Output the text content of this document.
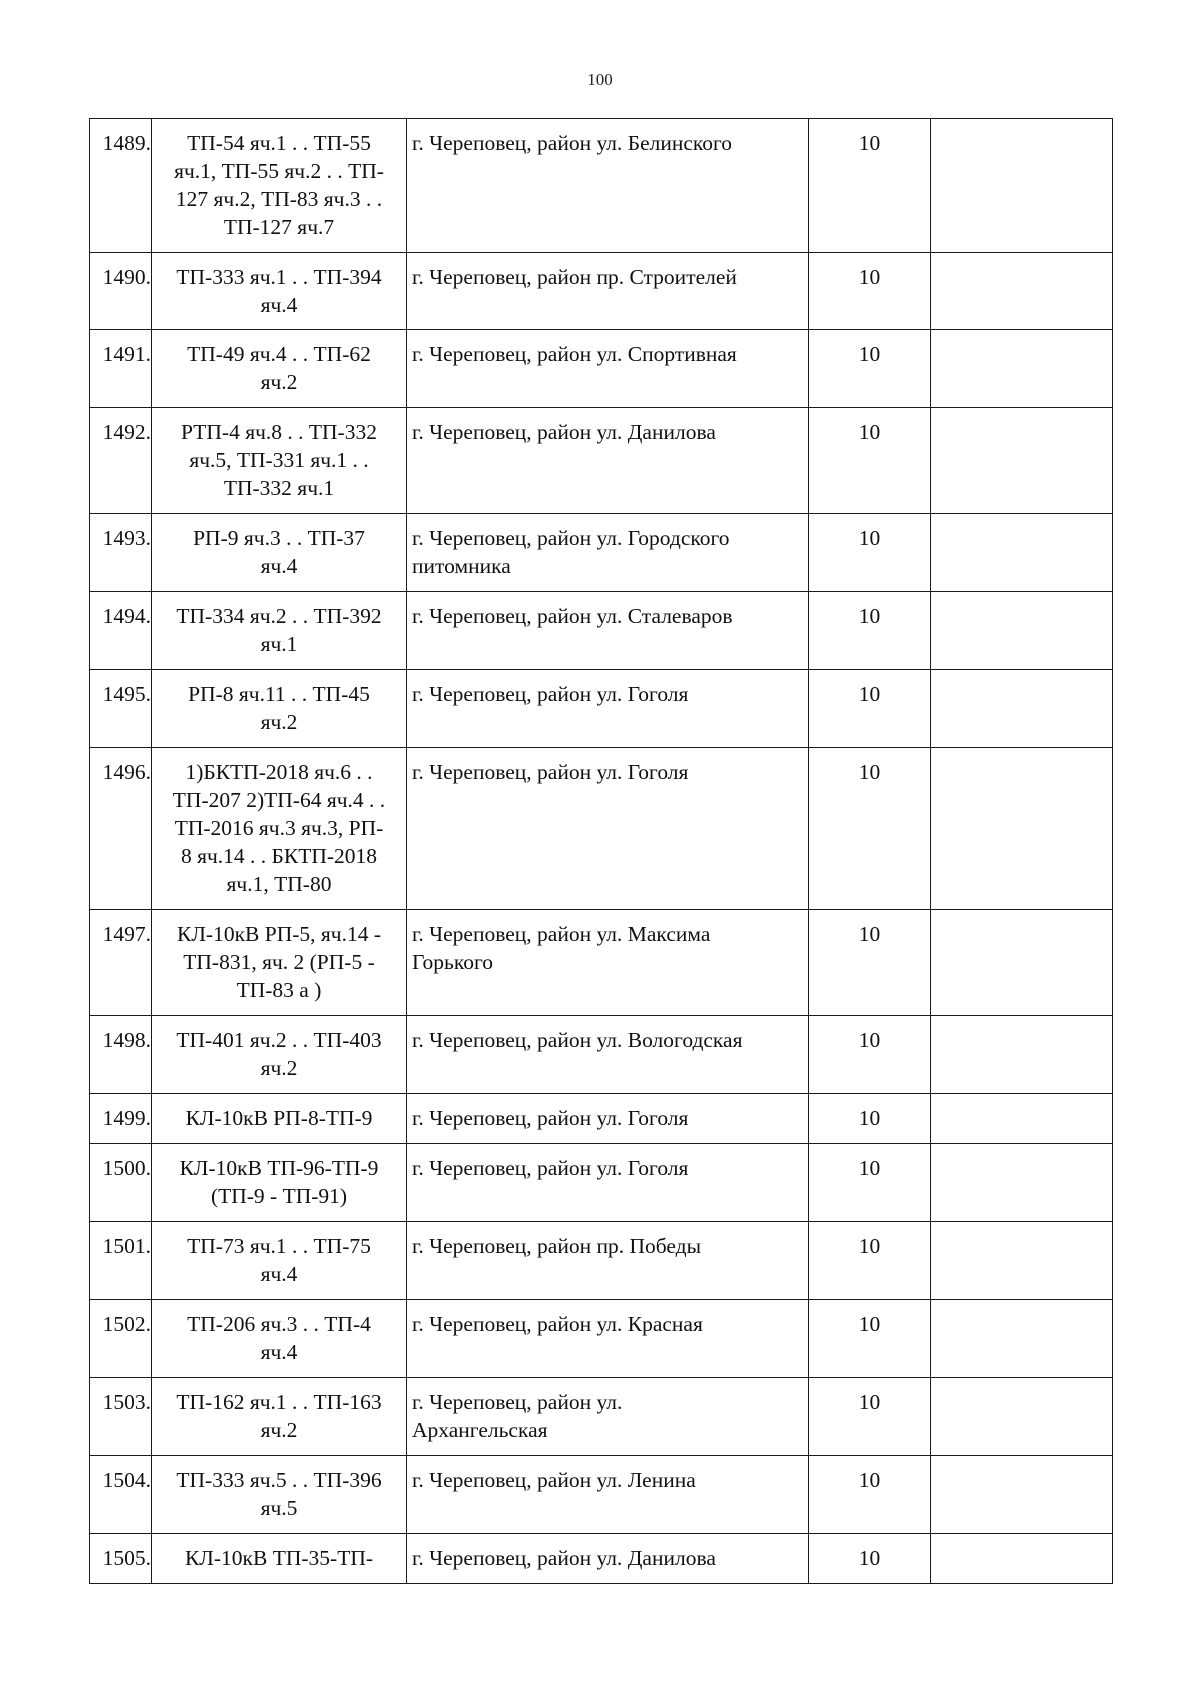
100
1489.	ТП-54 яч.1 . . ТП-55
яч.1, ТП-55 яч.2 . . ТП-
127 яч.2, ТП-83 яч.3 . .
ТП-127 яч.7	г. Череповец, район ул. Белинского	10	
1490.	ТП-333 яч.1 . . ТП-394
яч.4	г. Череповец, район пр. Строителей	10	
1491.	ТП-49 яч.4 . . ТП-62
яч.2	г. Череповец, район ул. Спортивная	10	
1492.	РТП-4 яч.8 . . ТП-332
яч.5, ТП-331 яч.1 . .
ТП-332 яч.1	г. Череповец, район ул. Данилова	10	
1493.	РП-9 яч.3 . . ТП-37
яч.4	г. Череповец, район ул. Городского
питомника	10	
1494.	ТП-334 яч.2 . . ТП-392
яч.1	г. Череповец, район ул. Сталеваров	10	
1495.	РП-8 яч.11 . . ТП-45
яч.2	г. Череповец, район ул. Гоголя	10	
1496.	1)БКТП-2018 яч.6 . .
ТП-207 2)ТП-64 яч.4 . .
ТП-2016 яч.3 яч.3, РП-
8 яч.14 . . БКТП-2018
яч.1, ТП-80	г. Череповец, район ул. Гоголя	10	
1497.	КЛ-10кВ РП-5, яч.14 -
ТП-831, яч. 2 (РП-5 -
ТП-83 а )	г. Череповец, район ул. Максима
Горького	10	
1498.	ТП-401 яч.2 . . ТП-403
яч.2	г. Череповец, район ул. Вологодская	10	
1499.	КЛ-10кВ РП-8-ТП-9	г. Череповец, район ул. Гоголя	10	
1500.	КЛ-10кВ ТП-96-ТП-9
(ТП-9 - ТП-91)	г. Череповец, район ул. Гоголя	10	
1501.	ТП-73 яч.1 . . ТП-75
яч.4	г. Череповец, район пр. Победы	10	
1502.	ТП-206 яч.3 . . ТП-4
яч.4	г. Череповец, район ул. Красная	10	
1503.	ТП-162 яч.1 . . ТП-163
яч.2	г. Череповец, район ул.
Архангельская	10	
1504.	ТП-333 яч.5 . . ТП-396
яч.5	г. Череповец, район ул. Ленина	10	
1505.	КЛ-10кВ ТП-35-ТП-	г. Череповец, район ул. Данилова	10	
